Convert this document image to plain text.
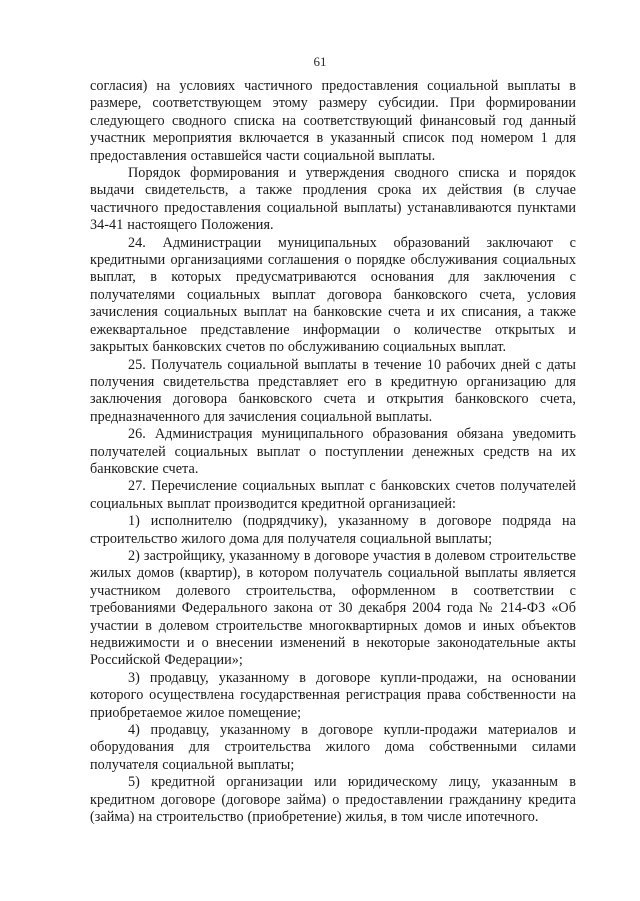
61

согласия) на условиях частичного предоставления социальной выплаты в размере, соответствующем этому размеру субсидии. При формировании следующего сводного списка на соответствующий финансовый год данный участник мероприятия включается в указанный список под номером 1 для предоставления оставшейся части социальной выплаты.

Порядок формирования и утверждения сводного списка и порядок выдачи свидетельств, а также продления срока их действия (в случае частичного предоставления социальной выплаты) устанавливаются пунктами 34-41 настоящего Положения.

24. Администрации муниципальных образований заключают с кредитными организациями соглашения о порядке обслуживания социальных выплат, в которых предусматриваются основания для заключения с получателями социальных выплат договора банковского счета, условия зачисления социальных выплат на банковские счета и их списания, а также ежеквартальное представление информации о количестве открытых и закрытых банковских счетов по обслуживанию социальных выплат.

25. Получатель социальной выплаты в течение 10 рабочих дней с даты получения свидетельства представляет его в кредитную организацию для заключения договора банковского счета и открытия банковского счета, предназначенного для зачисления социальной выплаты.

26. Администрация муниципального образования обязана уведомить получателей социальных выплат о поступлении денежных средств на их банковские счета.

27. Перечисление социальных выплат с банковских счетов получателей социальных выплат производится кредитной организацией:

1) исполнителю (подрядчику), указанному в договоре подряда на строительство жилого дома для получателя социальной выплаты;

2) застройщику, указанному в договоре участия в долевом строительстве жилых домов (квартир), в котором получатель социальной выплаты является участником долевого строительства, оформленном в соответствии с требованиями Федерального закона от 30 декабря 2004 года № 214-ФЗ «Об участии в долевом строительстве многоквартирных домов и иных объектов недвижимости и о внесении изменений в некоторые законодательные акты Российской Федерации»;

3) продавцу, указанному в договоре купли-продажи, на основании которого осуществлена государственная регистрация права собственности на приобретаемое жилое помещение;

4) продавцу, указанному в договоре купли-продажи материалов и оборудования для строительства жилого дома собственными силами получателя социальной выплаты;

5) кредитной организации или юридическому лицу, указанным в кредитном договоре (договоре займа) о предоставлении гражданину кредита (займа) на строительство (приобретение) жилья, в том числе ипотечного.
